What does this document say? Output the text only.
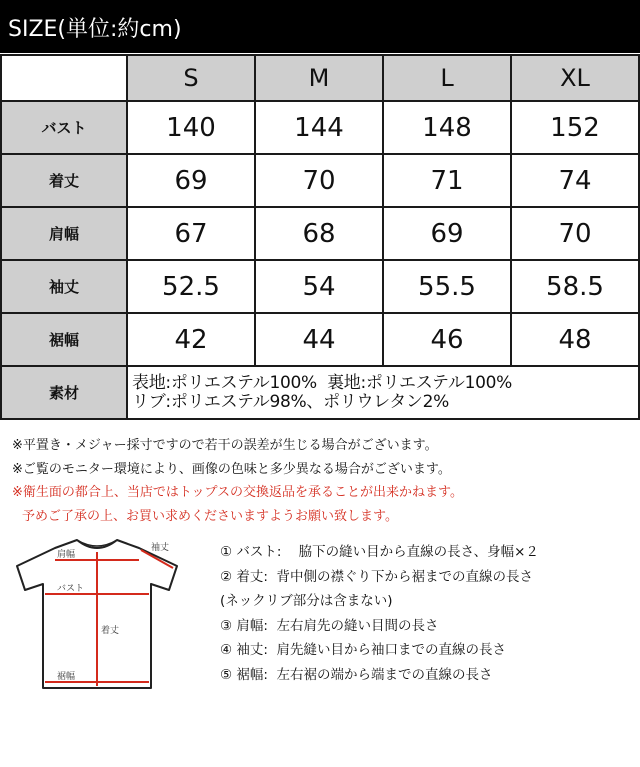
SIZE(単位:約cm)
	S	M	L	XL
バスト	140	144	148	152
着丈	69	70	71	74
肩幅	67	68	69	70
袖丈	52.5	54	55.5	58.5
裾幅	42	44	46	48
素材	表地:ポリエステル100%  裏地:ポリエステル100%
リブ:ポリエステル98%、ポリウレタン2%			
※平置き・メジャー採寸ですので若干の誤差が生じる場合がございます。
※ご覧のモニター環境により、画像の色味と多少異なる場合がございます。
※衛生面の都合上、当店ではトップスの交換返品を承ることが出来かねます。
予めご了承の上、お買い求めくださいますようお願い致します。
袖丈
肩幅
バスト
着丈
裾幅
① バスト:    脇下の縫い目から直線の長さ、身幅×２
② 着丈:  背中側の襟ぐり下から裾までの直線の長さ
(ネックリブ部分は含まない)
③ 肩幅:  左右肩先の縫い目間の長さ
④ 袖丈:  肩先縫い目から袖口までの直線の長さ
⑤ 裾幅:  左右裾の端から端までの直線の長さ
